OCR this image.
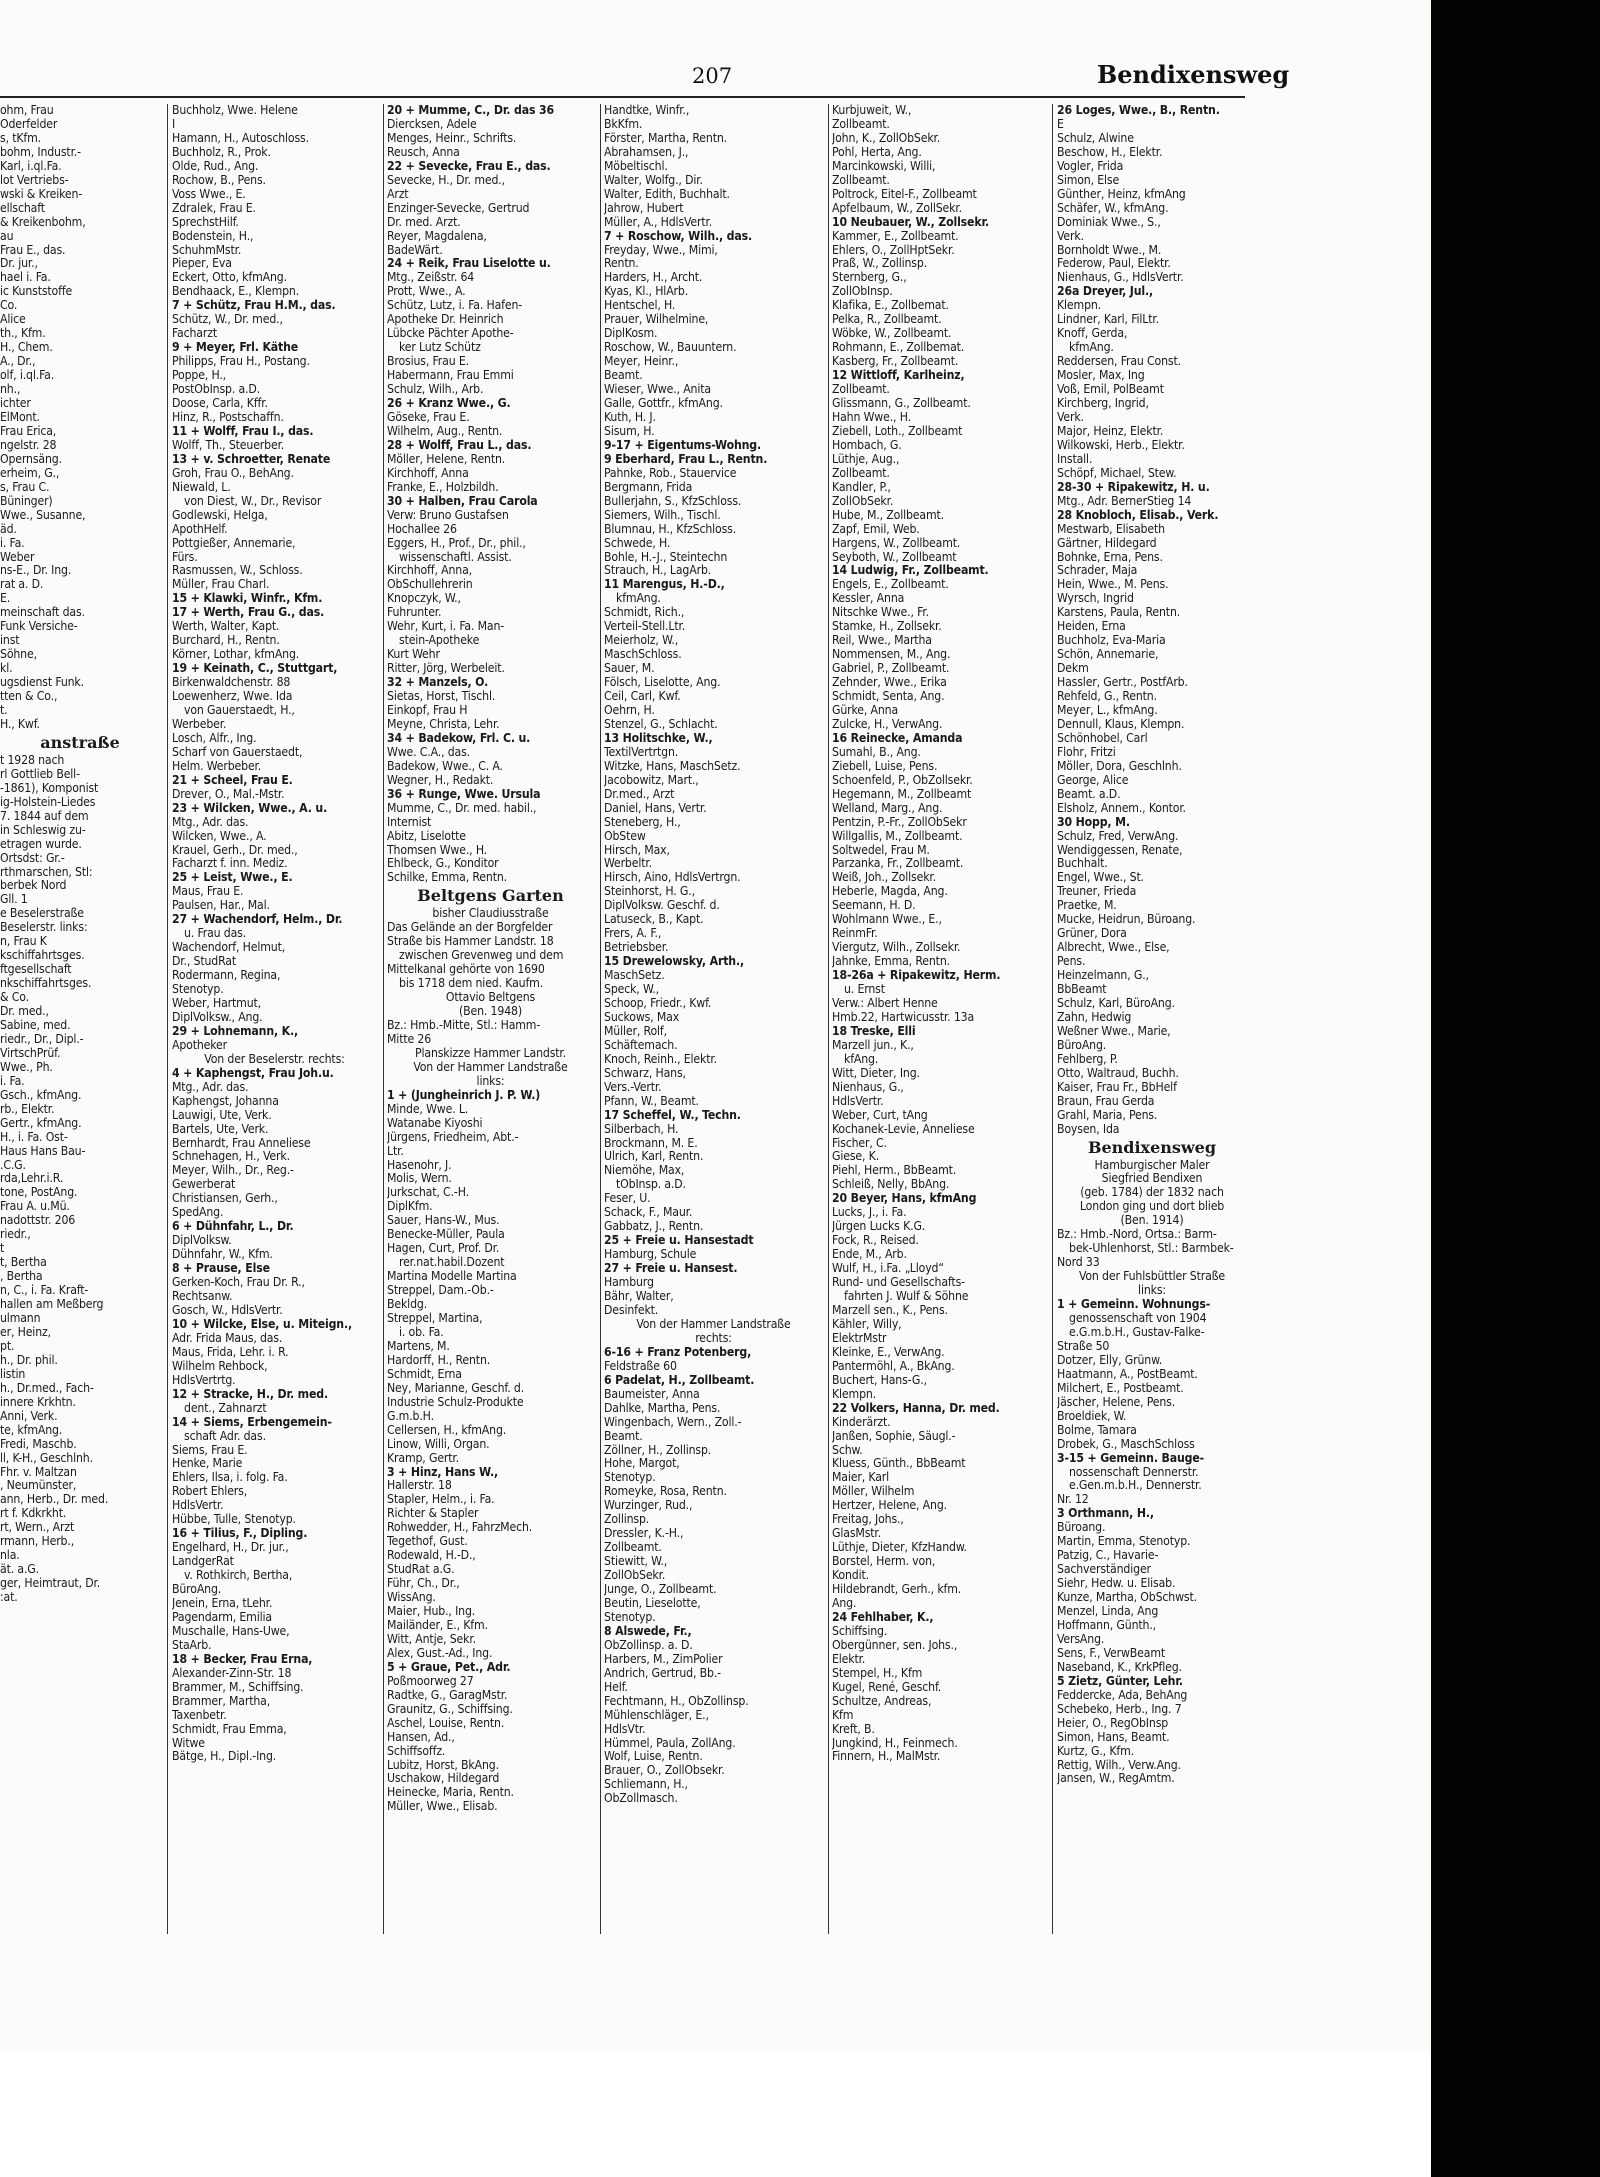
207	Bendixensweg
ohm, Frau
Oderfelder
s, tKfm.
bohm, Industr.-
Karl, i.ql.Fa.
lot Vertriebs-
wski & Kreiken-
ellschaft
& Kreikenbohm,
au
Frau E., das.
Dr. jur.,
hael i. Fa.
ic Kunststoffe
Co.
Alice
th., Kfm.
H., Chem.
A., Dr.,
olf, i.ql.Fa.
nh.,
ichter
ElMont.
Frau Erica,
ngelstr. 28
Opernsäng.
erheim, G.,
s, Frau C.
Büninger)
Wwe., Susanne,
äd.
i. Fa.
Weber
ns-E., Dr. Ing.
rat a. D.
E.
meinschaft das.
Funk Versiche-
inst
Söhne,
kl.
ugsdienst Funk.
tten & Co.,
t.
H., Kwf.
anstraße
t 1928 nach
rl Gottlieb Bell-
-1861), Komponist
ig-Holstein-Liedes
7. 1844 auf dem
in Schleswig zu-
etragen wurde.
Ortsdst: Gr.-
rthmarschen, Stl:
berbek Nord
Gll. 1
e Beselerstraße
Beselerstr. links:
n, Frau K
kschiffahrtsges.
ftgesellschaft
nkschiffahrtsges.
& Co.
Dr. med.,
Sabine, med.
riedr., Dr., Dipl.-
VirtschPrüf.
Wwe., Ph.
i. Fa.
Gsch., kfmAng.
rb., Elektr.
Gertr., kfmAng.
H., i. Fa. Ost-
Haus Hans Bau-
.C.G.
rda,Lehr.i.R.
tone, PostAng.
Frau A. u.Mü.
nadottstr. 206
riedr.,
t
t, Bertha
, Bertha
n, C., i. Fa. Kraft-
hallen am Meßberg
ulmann
er, Heinz,
pt.
h., Dr. phil.
listin
h., Dr.med., Fach-
innere Krkhtn.
Anni, Verk.
te, kfmAng.
Fredi, Maschb.
ll, K-H., Geschlnh.
Fhr. v. Maltzan
, Neumünster,
ann, Herb., Dr. med.
rt f. Kdkrkht.
rt, Wern., Arzt
rmann, Herb.,
nla.
ät. a.G.
ger, Heimtraut, Dr.
:at.
Buchholz, Wwe. Helene
I
Hamann, H., Autoschloss.
Buchholz, R., Prok.
Olde, Rud., Ang.
Rochow, B., Pens.
Voss Wwe., E.
Zdralek, Frau E.
SprechstHilf.
Bodenstein, H.,
SchuhmMstr.
Pieper, Eva
Eckert, Otto, kfmAng.
Bendhaack, E., Klempn.
7 + Schütz, Frau H.M., das.
Schütz, W., Dr. med.,
Facharzt
9 + Meyer, Frl. Käthe
Philipps, Frau H., Postang.
Poppe, H.,
PostObInsp. a.D.
Doose, Carla, Kffr.
Hinz, R., Postschaffn.
11 + Wolff, Frau I., das.
Wolff, Th., Steuerber.
13 + v. Schroetter, Renate
Groh, Frau O., BehAng.
Niewald, L.
von Diest, W., Dr., Revisor
Godlewski, Helga,
ApothHelf.
Pottgießer, Annemarie,
Fürs.
Rasmussen, W., Schloss.
Müller, Frau Charl.
15 + Klawki, Winfr., Kfm.
17 + Werth, Frau G., das.
Werth, Walter, Kapt.
Burchard, H., Rentn.
Körner, Lothar, kfmAng.
19 + Keinath, C., Stuttgart,
Birkenwaldchenstr. 88
Loewenherz, Wwe. Ida
von Gauerstaedt, H.,
Werbeber.
Losch, Alfr., Ing.
Scharf von Gauerstaedt,
Helm. Werbeber.
21 + Scheel, Frau E.
Drever, O., Mal.-Mstr.
23 + Wilcken, Wwe., A. u.
Mtg., Adr. das.
Wilcken, Wwe., A.
Krauel, Gerh., Dr. med.,
Facharzt f. inn. Mediz.
25 + Leist, Wwe., E.
Maus, Frau E.
Paulsen, Har., Mal.
27 + Wachendorf, Helm., Dr.
u. Frau das.
Wachendorf, Helmut,
Dr., StudRat
Rodermann, Regina,
Stenotyp.
Weber, Hartmut,
DiplVolksw., Ang.
29 + Lohnemann, K.,
Apotheker
Von der Beselerstr. rechts:
4 + Kaphengst, Frau Joh.u.
Mtg., Adr. das.
Kaphengst, Johanna
Lauwigi, Ute, Verk.
Bartels, Ute, Verk.
Bernhardt, Frau Anneliese
Schnehagen, H., Verk.
Meyer, Wilh., Dr., Reg.-
Gewerberat
Christiansen, Gerh.,
SpedAng.
6 + Dühnfahr, L., Dr.
DiplVolksw.
Dühnfahr, W., Kfm.
8 + Prause, Else
Gerken-Koch, Frau Dr. R.,
Rechtsanw.
Gosch, W., HdlsVertr.
10 + Wilcke, Else, u. Miteign.,
Adr. Frida Maus, das.
Maus, Frida, Lehr. i. R.
Wilhelm Rehbock,
HdlsVertrtg.
12 + Stracke, H., Dr. med.
dent., Zahnarzt
14 + Siems, Erbengemein-
schaft Adr. das.
Siems, Frau E.
Henke, Marie
Ehlers, Ilsa, i. folg. Fa.
Robert Ehlers,
HdlsVertr.
Hübbe, Tulle, Stenotyp.
16 + Tilius, F., Dipling.
Engelhard, H., Dr. jur.,
LandgerRat
v. Rothkirch, Bertha,
BüroAng.
Jenein, Erna, tLehr.
Pagendarm, Emilia
Muschalle, Hans-Uwe,
StaArb.
18 + Becker, Frau Erna,
Alexander-Zinn-Str. 18
Brammer, M., Schiffsing.
Brammer, Martha,
Taxenbetr.
Schmidt, Frau Emma,
Witwe
Bätge, H., Dipl.-Ing.
20 + Mumme, C., Dr. das 36
Diercksen, Adele
Menges, Heinr., Schrifts.
Reusch, Anna
22 + Sevecke, Frau E., das.
Sevecke, H., Dr. med.,
Arzt
Enzinger-Sevecke, Gertrud
Dr. med. Arzt.
Reyer, Magdalena,
BadeWärt.
24 + Reik, Frau Liselotte u.
Mtg., Zeißstr. 64
Prott, Wwe., A.
Schütz, Lutz, i. Fa. Hafen-
Apotheke Dr. Heinrich
Lübcke Pächter Apothe-
ker Lutz Schütz
Brosius, Frau E.
Habermann, Frau Emmi
Schulz, Wilh., Arb.
26 + Kranz Wwe., G.
Göseke, Frau E.
Wilhelm, Aug., Rentn.
28 + Wolff, Frau L., das.
Möller, Helene, Rentn.
Kirchhoff, Anna
Franke, E., Holzbildh.
30 + Halben, Frau Carola
Verw: Bruno Gustafsen
Hochallee 26
Eggers, H., Prof., Dr., phil.,
wissenschaftl. Assist.
Kirchhoff, Anna,
ObSchullehrerin
Knopczyk, W.,
Fuhrunter.
Wehr, Kurt, i. Fa. Man-
stein-Apotheke
Kurt Wehr
Ritter, Jörg, Werbeleit.
32 + Manzels, O.
Sietas, Horst, Tischl.
Einkopf, Frau H
Meyne, Christa, Lehr.
34 + Badekow, Frl. C. u.
Wwe. C.A., das.
Badekow, Wwe., C. A.
Wegner, H., Redakt.
36 + Runge, Wwe. Ursula
Mumme, C., Dr. med. habil.,
Internist
Abitz, Liselotte
Thomsen Wwe., H.
Ehlbeck, G., Konditor
Schilke, Emma, Rentn.
Beltgens Garten
bisher Claudiusstraße
Das Gelände an der Borgfelder
Straße bis Hammer Landstr. 18
zwischen Grevenweg und dem
Mittelkanal gehörte von 1690
bis 1718 dem nied. Kaufm.
Ottavio Beltgens
(Ben. 1948)
Bz.: Hmb.-Mitte, Stl.: Hamm-
Mitte 26
Planskizze Hammer Landstr.
Von der Hammer Landstraße
links:
1 + (Jungheinrich J. P. W.)
Minde, Wwe. L.
Watanabe Kiyoshi
Jürgens, Friedheim, Abt.-
Ltr.
Hasenohr, J.
Molis, Wern.
Jurkschat, C.-H.
DiplKfm.
Sauer, Hans-W., Mus.
Benecke-Müller, Paula
Hagen, Curt, Prof. Dr.
rer.nat.habil.Dozent
Martina Modelle Martina
Streppel, Dam.-Ob.-
Bekldg.
Streppel, Martina,
i. ob. Fa.
Martens, M.
Hardorff, H., Rentn.
Schmidt, Erna
Ney, Marianne, Geschf. d.
Industrie Schulz-Produkte
G.m.b.H.
Cellersen, H., kfmAng.
Linow, Willi, Organ.
Kramp, Gertr.
3 + Hinz, Hans W.,
Hallerstr. 18
Stapler, Helm., i. Fa.
Richter & Stapler
Rohwedder, H., FahrzMech.
Tegethof, Gust.
Rodewald, H.-D.,
StudRat a.G.
Führ, Ch., Dr.,
WissAng.
Maier, Hub., Ing.
Mailänder, E., Kfm.
Witt, Antje, Sekr.
Alex, Gust.-Ad., Ing.
5 + Graue, Pet., Adr.
Poßmoorweg 27
Radtke, G., GaragMstr.
Graunitz, G., Schiffsing.
Aschel, Louise, Rentn.
Hansen, Ad.,
Schiffsoffz.
Lubitz, Horst, BkAng.
Uschakow, Hildegard
Heinecke, Maria, Rentn.
Müller, Wwe., Elisab.
Handtke, Winfr.,
BkKfm.
Förster, Martha, Rentn.
Abrahamsen, J.,
Möbeltischl.
Walter, Wolfg., Dir.
Walter, Edith, Buchhalt.
Jahrow, Hubert
Müller, A., HdlsVertr.
7 + Roschow, Wilh., das.
Freyday, Wwe., Mimi,
Rentn.
Harders, H., Archt.
Kyas, Kl., HlArb.
Hentschel, H.
Prauer, Wilhelmine,
DiplKosm.
Roschow, W., Bauuntern.
Meyer, Heinr.,
Beamt.
Wieser, Wwe., Anita
Galle, Gottfr., kfmAng.
Kuth, H. J.
Sisum, H.
9-17 + Eigentums-Wohng.
9 Eberhard, Frau L., Rentn.
Pahnke, Rob., Stauervice
Bergmann, Frida
Bullerjahn, S., KfzSchloss.
Siemers, Wilh., Tischl.
Blumnau, H., KfzSchloss.
Schwede, H.
Bohle, H.-J., Steintechn
Strauch, H., LagArb.
11 Marengus, H.-D.,
kfmAng.
Schmidt, Rich.,
Verteil-Stell.Ltr.
Meierholz, W.,
MaschSchloss.
Sauer, M.
Fölsch, Liselotte, Ang.
Ceil, Carl, Kwf.
Oehrn, H.
Stenzel, G., Schlacht.
13 Holitschke, W.,
TextilVertrtgn.
Witzke, Hans, MaschSetz.
Jacobowitz, Mart.,
Dr.med., Arzt
Daniel, Hans, Vertr.
Steneberg, H.,
ObStew
Hirsch, Max,
Werbeltr.
Hirsch, Aino, HdlsVertrgn.
Steinhorst, H. G.,
DiplVolksw. Geschf. d.
Latuseck, B., Kapt.
Frers, A. F.,
Betriebsber.
15 Drewelowsky, Arth.,
MaschSetz.
Speck, W.,
Schoop, Friedr., Kwf.
Suckows, Max
Müller, Rolf,
Schäftemach.
Knoch, Reinh., Elektr.
Schwarz, Hans,
Vers.-Vertr.
Pfann, W., Beamt.
17 Scheffel, W., Techn.
Silberbach, H.
Brockmann, M. E.
Ulrich, Karl, Rentn.
Niemöhe, Max,
tObInsp. a.D.
Feser, U.
Schack, F., Maur.
Gabbatz, J., Rentn.
25 + Freie u. Hansestadt
Hamburg, Schule
27 + Freie u. Hansest.
Hamburg
Bähr, Walter,
Desinfekt.
Von der Hammer Landstraße
rechts:
6-16 + Franz Potenberg,
Feldstraße 60
6 Padelat, H., Zollbeamt.
Baumeister, Anna
Dahlke, Martha, Pens.
Wingenbach, Wern., Zoll.-
Beamt.
Zöllner, H., Zollinsp.
Hohe, Margot,
Stenotyp.
Romeyke, Rosa, Rentn.
Wurzinger, Rud.,
Zollinsp.
Dressler, K.-H.,
Zollbeamt.
Stiewitt, W.,
ZollObSekr.
Junge, O., Zollbeamt.
Beutin, Lieselotte,
Stenotyp.
8 Alswede, Fr.,
ObZollinsp. a. D.
Harbers, M., ZimPolier
Andrich, Gertrud, Bb.-
Helf.
Fechtmann, H., ObZollinsp.
Mühlenschläger, E.,
HdlsVtr.
Hümmel, Paula, ZollAng.
Wolf, Luise, Rentn.
Brauer, O., ZollObsekr.
Schliemann, H.,
ObZollmasch.
Kurbjuweit, W.,
Zollbeamt.
John, K., ZollObSekr.
Pohl, Herta, Ang.
Marcinkowski, Willi,
Zollbeamt.
Poltrock, Eitel-F., Zollbeamt
Apfelbaum, W., ZollSekr.
10 Neubauer, W., Zollsekr.
Kammer, E., Zollbeamt.
Ehlers, O., ZollHptSekr.
Praß, W., Zollinsp.
Sternberg, G.,
ZollObInsp.
Klafika, E., Zollbemat.
Pelka, R., Zollbeamt.
Wöbke, W., Zollbeamt.
Rohmann, E., Zollbemat.
Kasberg, Fr., Zollbeamt.
12 Wittloff, Karlheinz,
Zollbeamt.
Glissmann, G., Zollbeamt.
Hahn Wwe., H.
Ziebell, Loth., Zollbeamt
Hombach, G.
Lüthje, Aug.,
Zollbeamt.
Kandler, P.,
ZollObSekr.
Hube, M., Zollbeamt.
Zapf, Emil, Web.
Hargens, W., Zollbeamt.
Seyboth, W., Zollbeamt
14 Ludwig, Fr., Zollbeamt.
Engels, E., Zollbeamt.
Kessler, Anna
Nitschke Wwe., Fr.
Stamke, H., Zollsekr.
Reil, Wwe., Martha
Nommensen, M., Ang.
Gabriel, P., Zollbeamt.
Zehnder, Wwe., Erika
Schmidt, Senta, Ang.
Gürke, Anna
Zulcke, H., VerwAng.
16 Reinecke, Amanda
Sumahl, B., Ang.
Ziebell, Luise, Pens.
Schoenfeld, P., ObZollsekr.
Hegemann, M., Zollbeamt
Welland, Marg., Ang.
Pentzin, P.-Fr., ZollObSekr
Willgallis, M., Zollbeamt.
Soltwedel, Frau M.
Parzanka, Fr., Zollbeamt.
Weiß, Joh., Zollsekr.
Heberle, Magda, Ang.
Seemann, H. D.
Wohlmann Wwe., E.,
ReinmFr.
Viergutz, Wilh., Zollsekr.
Jahnke, Emma, Rentn.
18-26a + Ripakewitz, Herm.
u. Ernst
Verw.: Albert Henne
Hmb.22, Hartwicusstr. 13a
18 Treske, Elli
Marzell jun., K.,
kfAng.
Witt, Dieter, Ing.
Nienhaus, G.,
HdlsVertr.
Weber, Curt, tAng
Kochanek-Levie, Anneliese
Fischer, C.
Giese, K.
Piehl, Herm., BbBeamt.
Schleiß, Nelly, BbAng.
20 Beyer, Hans, kfmAng
Lucks, J., i. Fa.
Jürgen Lucks K.G.
Fock, R., Reised.
Ende, M., Arb.
Wulf, H., i.Fa. „Lloyd“
Rund- und Gesellschafts-
fahrten J. Wulf & Söhne
Marzell sen., K., Pens.
Kähler, Willy,
ElektrMstr
Kleinke, E., VerwAng.
Pantermöhl, A., BkAng.
Buchert, Hans-G.,
Klempn.
22 Volkers, Hanna, Dr. med.
Kinderärzt.
Janßen, Sophie, Säugl.-
Schw.
Kluess, Günth., BbBeamt
Maier, Karl
Möller, Wilhelm
Hertzer, Helene, Ang.
Freitag, Johs.,
GlasMstr.
Lüthje, Dieter, KfzHandw.
Borstel, Herm. von,
Kondit.
Hildebrandt, Gerh., kfm.
Ang.
24 Fehlhaber, K.,
Schiffsing.
Obergünner, sen. Johs.,
Elektr.
Stempel, H., Kfm
Kugel, René, Geschf.
Schultze, Andreas,
Kfm
Kreft, B.
Jungkind, H., Feinmech.
Finnern, H., MalMstr.
26 Loges, Wwe., B., Rentn.
E
Schulz, Alwine
Beschow, H., Elektr.
Vogler, Frida
Simon, Else
Günther, Heinz, kfmAng
Schäfer, W., kfmAng.
Dominiak Wwe., S.,
Verk.
Bornholdt Wwe., M.
Federow, Paul, Elektr.
Nienhaus, G., HdlsVertr.
26a Dreyer, Jul.,
Klempn.
Lindner, Karl, FilLtr.
Knoff, Gerda,
kfmAng.
Reddersen, Frau Const.
Mosler, Max, Ing
Voß, Emil, PolBeamt
Kirchberg, Ingrid,
Verk.
Major, Heinz, Elektr.
Wilkowski, Herb., Elektr.
Install.
Schöpf, Michael, Stew.
28-30 + Ripakewitz, H. u.
Mtg., Adr. BernerStieg 14
28 Knobloch, Elisab., Verk.
Mestwarb, Elisabeth
Gärtner, Hildegard
Bohnke, Erna, Pens.
Schrader, Maja
Hein, Wwe., M. Pens.
Wyrsch, Ingrid
Karstens, Paula, Rentn.
Heiden, Erna
Buchholz, Eva-Maria
Schön, Annemarie,
Dekm
Hassler, Gertr., PostfArb.
Rehfeld, G., Rentn.
Meyer, L., kfmAng.
Dennull, Klaus, Klempn.
Schönhobel, Carl
Flohr, Fritzi
Möller, Dora, Geschlnh.
George, Alice
Beamt. a.D.
Elsholz, Annem., Kontor.
30 Hopp, M.
Schulz, Fred, VerwAng.
Wendiggessen, Renate,
Buchhalt.
Engel, Wwe., St.
Treuner, Frieda
Praetke, M.
Mucke, Heidrun, Büroang.
Grüner, Dora
Albrecht, Wwe., Else,
Pens.
Heinzelmann, G.,
BbBeamt
Schulz, Karl, BüroAng.
Zahn, Hedwig
Weßner Wwe., Marie,
BüroAng.
Fehlberg, P.
Otto, Waltraud, Buchh.
Kaiser, Frau Fr., BbHelf
Braun, Frau Gerda
Grahl, Maria, Pens.
Boysen, Ida
Bendixensweg
Hamburgischer Maler
Siegfried Bendixen
(geb. 1784) der 1832 nach
London ging und dort blieb
(Ben. 1914)
Bz.: Hmb.-Nord, Ortsa.: Barm-
bek-Uhlenhorst, Stl.: Barmbek-
Nord 33
Von der Fuhlsbüttler Straße
links:
1 + Gemeinn. Wohnungs-
genossenschaft von 1904
e.G.m.b.H., Gustav-Falke-
Straße 50
Dotzer, Elly, Grünw.
Haatmann, A., PostBeamt.
Milchert, E., Postbeamt.
Jäscher, Helene, Pens.
Broeldiek, W.
Bolme, Tamara
Drobek, G., MaschSchloss
3-15 + Gemeinn. Bauge-
nossenschaft Dennerstr.
e.Gen.m.b.H., Dennerstr.
Nr. 12
3 Orthmann, H.,
Büroang.
Martin, Emma, Stenotyp.
Patzig, C., Havarie-
Sachverständiger
Siehr, Hedw. u. Elisab.
Kunze, Martha, ObSchwst.
Menzel, Linda, Ang
Hoffmann, Günth.,
VersAng.
Sens, F., VerwBeamt
Naseband, K., KrkPfleg.
5 Zietz, Günter, Lehr.
Feddercke, Ada, BehAng
Schebeko, Herb., Ing. 7
Heier, O., RegObInsp
Simon, Hans, Beamt.
Kurtz, G., Kfm.
Rettig, Wilh., Verw.Ang.
Jansen, W., RegAmtm.
